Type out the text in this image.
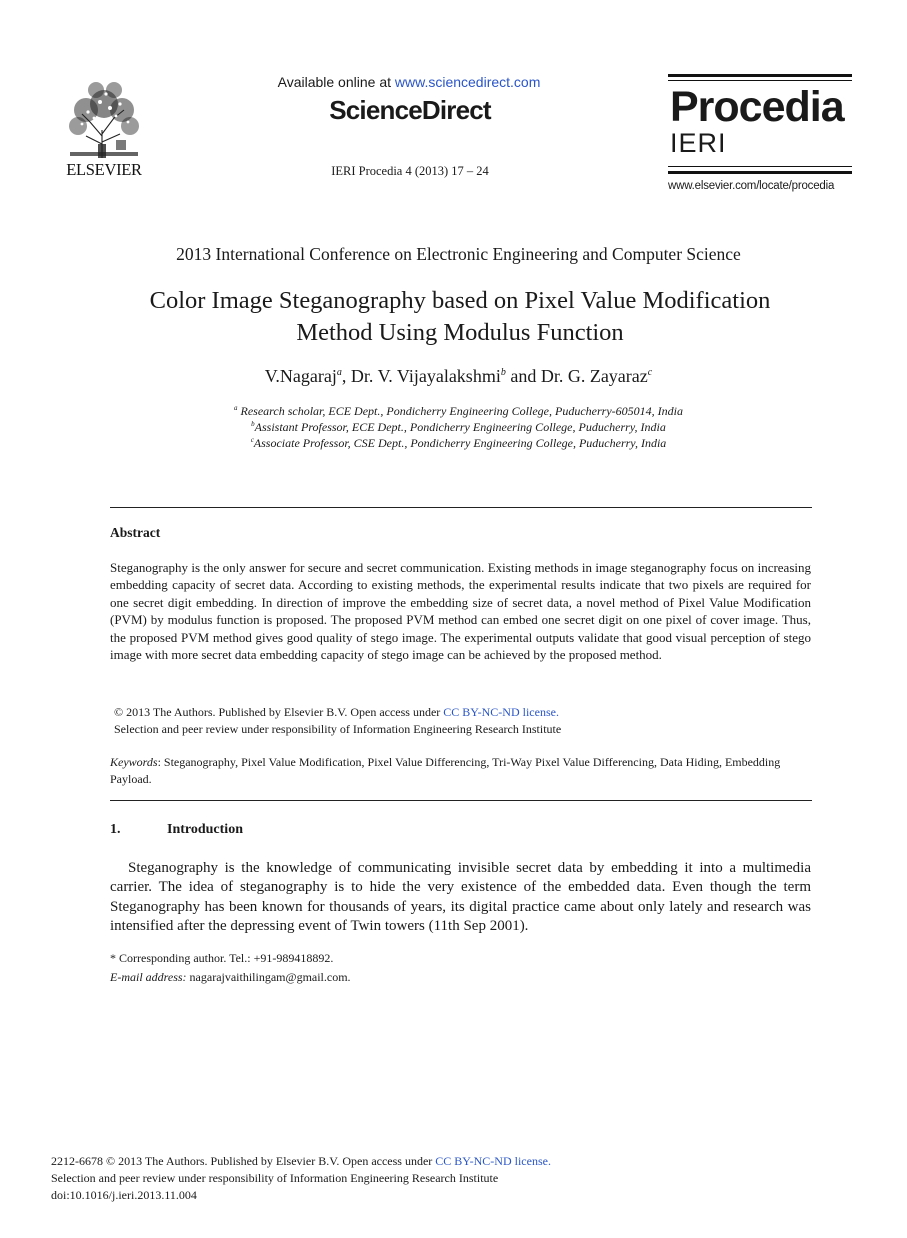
ELSEVIER
Available online at www.sciencedirect.com
ScienceDirect
IERI Procedia 4 (2013) 17 – 24
Procedia
IERI
www.elsevier.com/locate/procedia
2013 International Conference on Electronic Engineering and Computer Science
Color Image Steganography based on Pixel Value Modification
Method Using Modulus Function
V.Nagaraj$^a$, Dr. V. Vijayalakshmi$^b$ and Dr. G. Zayaraz$^c$
$^a$ Research scholar, ECE Dept., Pondicherry Engineering College, Puducherry-605014, India
$^b$Assistant Professor, ECE Dept., Pondicherry Engineering College, Puducherry, India
$^c$Associate Professor, CSE Dept., Pondicherry Engineering College, Puducherry, India
Abstract
Steganography is the only answer for secure and secret communication. Existing methods in image steganography focus on increasing embedding capacity of secret data. According to existing methods, the experimental results indicate that two pixels are required for one secret digit embedding. In direction of improve the embedding size of secret data, a novel method of Pixel Value Modification (PVM) by modulus function is proposed. The proposed PVM method can embed one secret digit on one pixel of cover image. Thus, the proposed PVM method gives good quality of stego image. The experimental outputs validate that good visual perception of stego image with more secret data embedding capacity of stego image can be achieved by the proposed method.
© 2013 The Authors. Published by Elsevier B.V. Open access under CC BY-NC-ND license.
Selection and peer review under responsibility of Information Engineering Research Institute
Keywords: Steganography, Pixel Value Modification, Pixel Value Differencing, Tri-Way Pixel Value Differencing, Data Hiding, Embedding Payload.
1.	Introduction

Steganography is the knowledge of communicating invisible secret data by embedding it into a multimedia carrier. The idea of steganography is to hide the very existence of the embedded data. Even though the term Steganography has been known for thousands of years, its digital practice came about only lately and research was intensified after the depressing event of Twin towers (11th Sep 2001).

* Corresponding author. Tel.: +91-989418892.
E-mail address: nagarajvaithilingam@gmail.com.
2212-6678 © 2013 The Authors. Published by Elsevier B.V. Open access under CC BY-NC-ND license.
Selection and peer review under responsibility of Information Engineering Research Institute
doi:10.1016/j.ieri.2013.11.004
